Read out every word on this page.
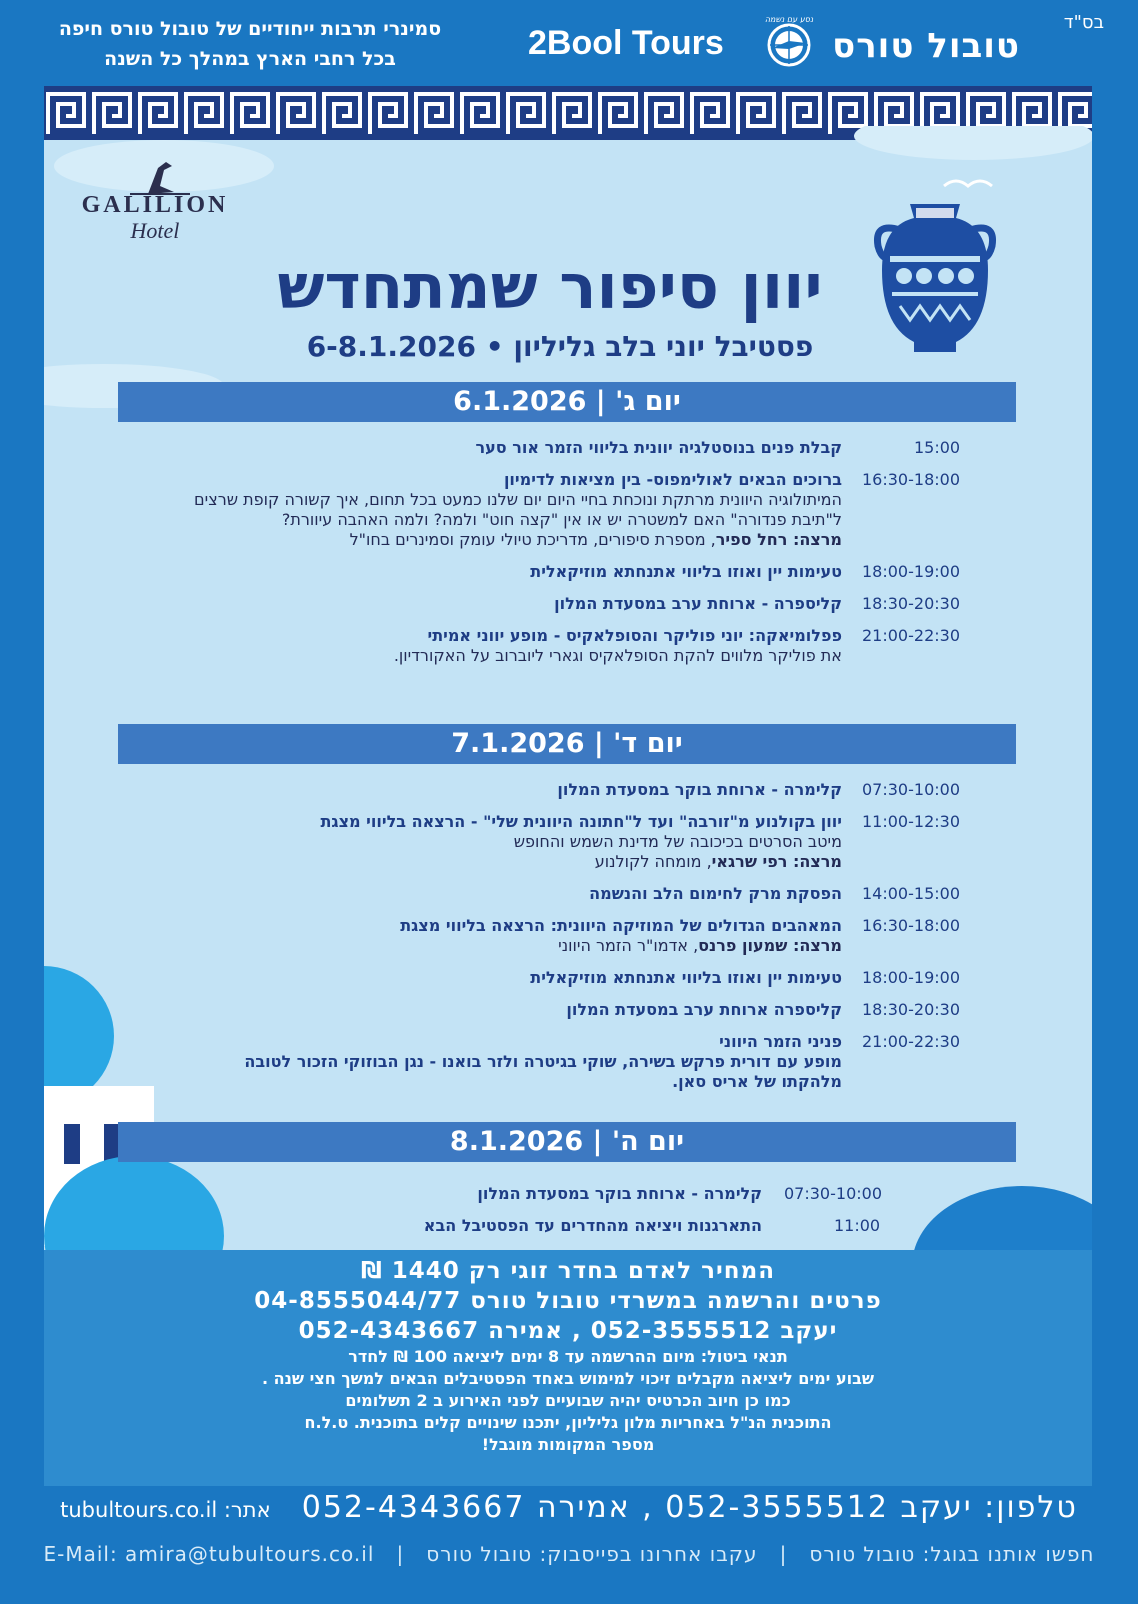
בס"ד
טובול טורס
נסע עם נשמה
2Bool Tours
סמינרי תרבות ייחודיים של טובול טורס חיפה
בכל רחבי הארץ במהלך כל השנה
GALILION
Hotel
יוון סיפור שמתחדש
פסטיבל יוני בלב גליליון • 6-8.1.2026
יום ג' | 6.1.2026
15:00
קבלת פנים בנוסטלגיה יוונית בליווי הזמר אור סער
16:30-18:00
ברוכים הבאים לאולימפוס- בין מציאות לדימיון
המיתולוגיה היוונית מרתקת ונוכחת בחיי היום יום שלנו כמעט בכל תחום, איך קשורה קופת שרצים
ל"תיבת פנדורה" האם למשטרה יש או אין "קצה חוט" ולמה? ולמה האהבה עיוורת?
מרצה: רחל ספיר, מספרת סיפורים, מדריכת טיולי עומק וסמינרים בחו"ל
18:00-19:00
טעימות יין ואוזו בליווי אתנחתא מוזיקאלית
18:30-20:30
קליספרה - ארוחת ערב במסעדת המלון
21:00-22:30
פפלומיאקה: יוני פוליקר והסופלאקיס - מופע יווני אמיתי
את פוליקר מלווים להקת הסופלאקיס וגארי ליוברוב על האקורדיון.
יום ד' | 7.1.2026
07:30-10:00
קלימרה - ארוחת בוקר במסעדת המלון
11:00-12:30
יוון בקולנוע מ"זורבה" ועד ל"חתונה היוונית שלי" - הרצאה בליווי מצגת
מיטב הסרטים בכיכובה של מדינת השמש והחופש
מרצה: רפי שרגאי, מומחה לקולנוע
14:00-15:00
הפסקת מרק לחימום הלב והנשמה
16:30-18:00
המאהבים הגדולים של המוזיקה היוונית: הרצאה בליווי מצגת
מרצה: שמעון פרנס, אדמו"ר הזמר היווני
18:00-19:00
טעימות יין ואוזו בליווי אתנחתא מוזיקאלית
18:30-20:30
קליספרה ארוחת ערב במסעדת המלון
21:00-22:30
פניני הזמר היווני
מופע עם דורית פרקש בשירה, שוקי בגיטרה ולזר בואנו - נגן הבוזוקי הזכור לטובה
מלהקתו של אריס סאן.
יום ה' | 8.1.2026
07:30-10:00
קלימרה - ארוחת בוקר במסעדת המלון
11:00
התארגנות ויציאה מהחדרים עד הפסטיבל הבא
המחיר לאדם בחדר זוגי רק 1440 ₪
פרטים והרשמה במשרדי טובול טורס 04-8555044/77
יעקב 052-3555512 , אמירה 052-4343667
תנאי ביטול: מיום ההרשמה עד 8 ימים ליציאה 100 ₪ לחדר
שבוע ימים ליציאה מקבלים זיכוי למימוש באחד הפסטיבלים הבאים למשך חצי שנה .
כמו כן חיוב הכרטיס יהיה שבועיים לפני האירוע ב 2 תשלומים
התוכנית הנ"ל באחריות מלון גליליון, יתכנו שינויים קלים בתוכנית. ט.ל.ח
מספר המקומות מוגבל!
טלפון: יעקב 052-3555512 , אמירה 052-4343667 אתר: tubultours.co.il
חפשו אותנו בגוגל: טובול טורס   |   עקבו אחרונו בפייסבוק: טובול טורס   |   E-Mail: amira@tubultours.co.il
